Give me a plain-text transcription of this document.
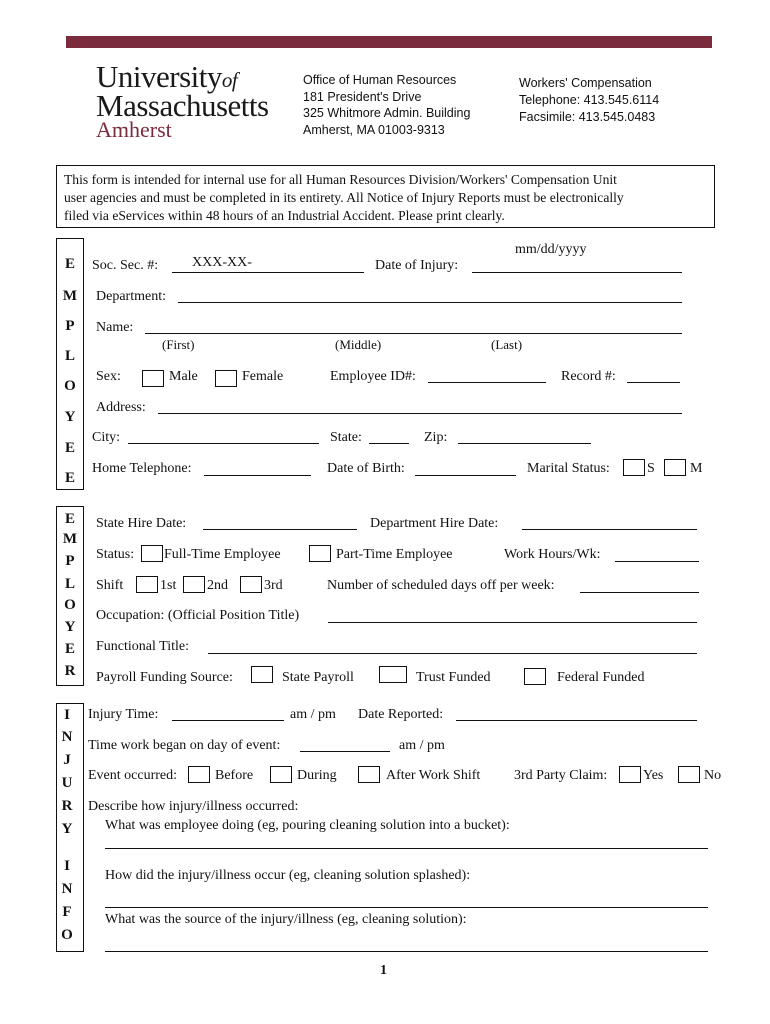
Universityof
Massachusetts
Amherst
Office of Human Resources
181 President's Drive
325 Whitmore Admin. Building
Amherst, MA 01003-9313
Workers' Compensation
Telephone: 413.545.6114
Facsimile: 413.545.0483
This form is intended for internal use for all Human Resources Division/Workers' Compensation Unit
user agencies and must be completed in its entirety. All Notice of Injury Reports must be electronically
filed via eServices within 48 hours of an Industrial Accident. Please print clearly.
E
M
P
L
O
Y
E
E
mm/dd/yyyy
Soc. Sec. #: XXX-XX-	Date of Injury:
Department:
Name:
(First)	(Middle)	(Last)
Sex:	Male	Female	Employee ID#:	Record #:
Address:
City:	State:	Zip:
Home Telephone:	Date of Birth:	Marital Status:	S	M
E
M
P
L
O
Y
E
R
State Hire Date:	Department Hire Date:
Status: Full-Time Employee	Part-Time Employee	Work Hours/Wk:
Shift	1st 2nd	3rd	Number of scheduled days off per week:
Occupation: (Official Position Title)
Functional Title:
Payroll Funding Source:	State Payroll	Trust Funded	Federal Funded
I
N
J
U
R
Y
I
N
F
O
Injury Time:	am / pm Date Reported:
Time work began on day of event:	am / pm
Event occurred:	Before	During	After Work Shift 3rd Party Claim:	Yes	No
Describe how injury/illness occurred:
What was employee doing (eg, pouring cleaning solution into a bucket):
How did the injury/illness occur (eg, cleaning solution splashed):
What was the source of the injury/illness (eg, cleaning solution):
1
